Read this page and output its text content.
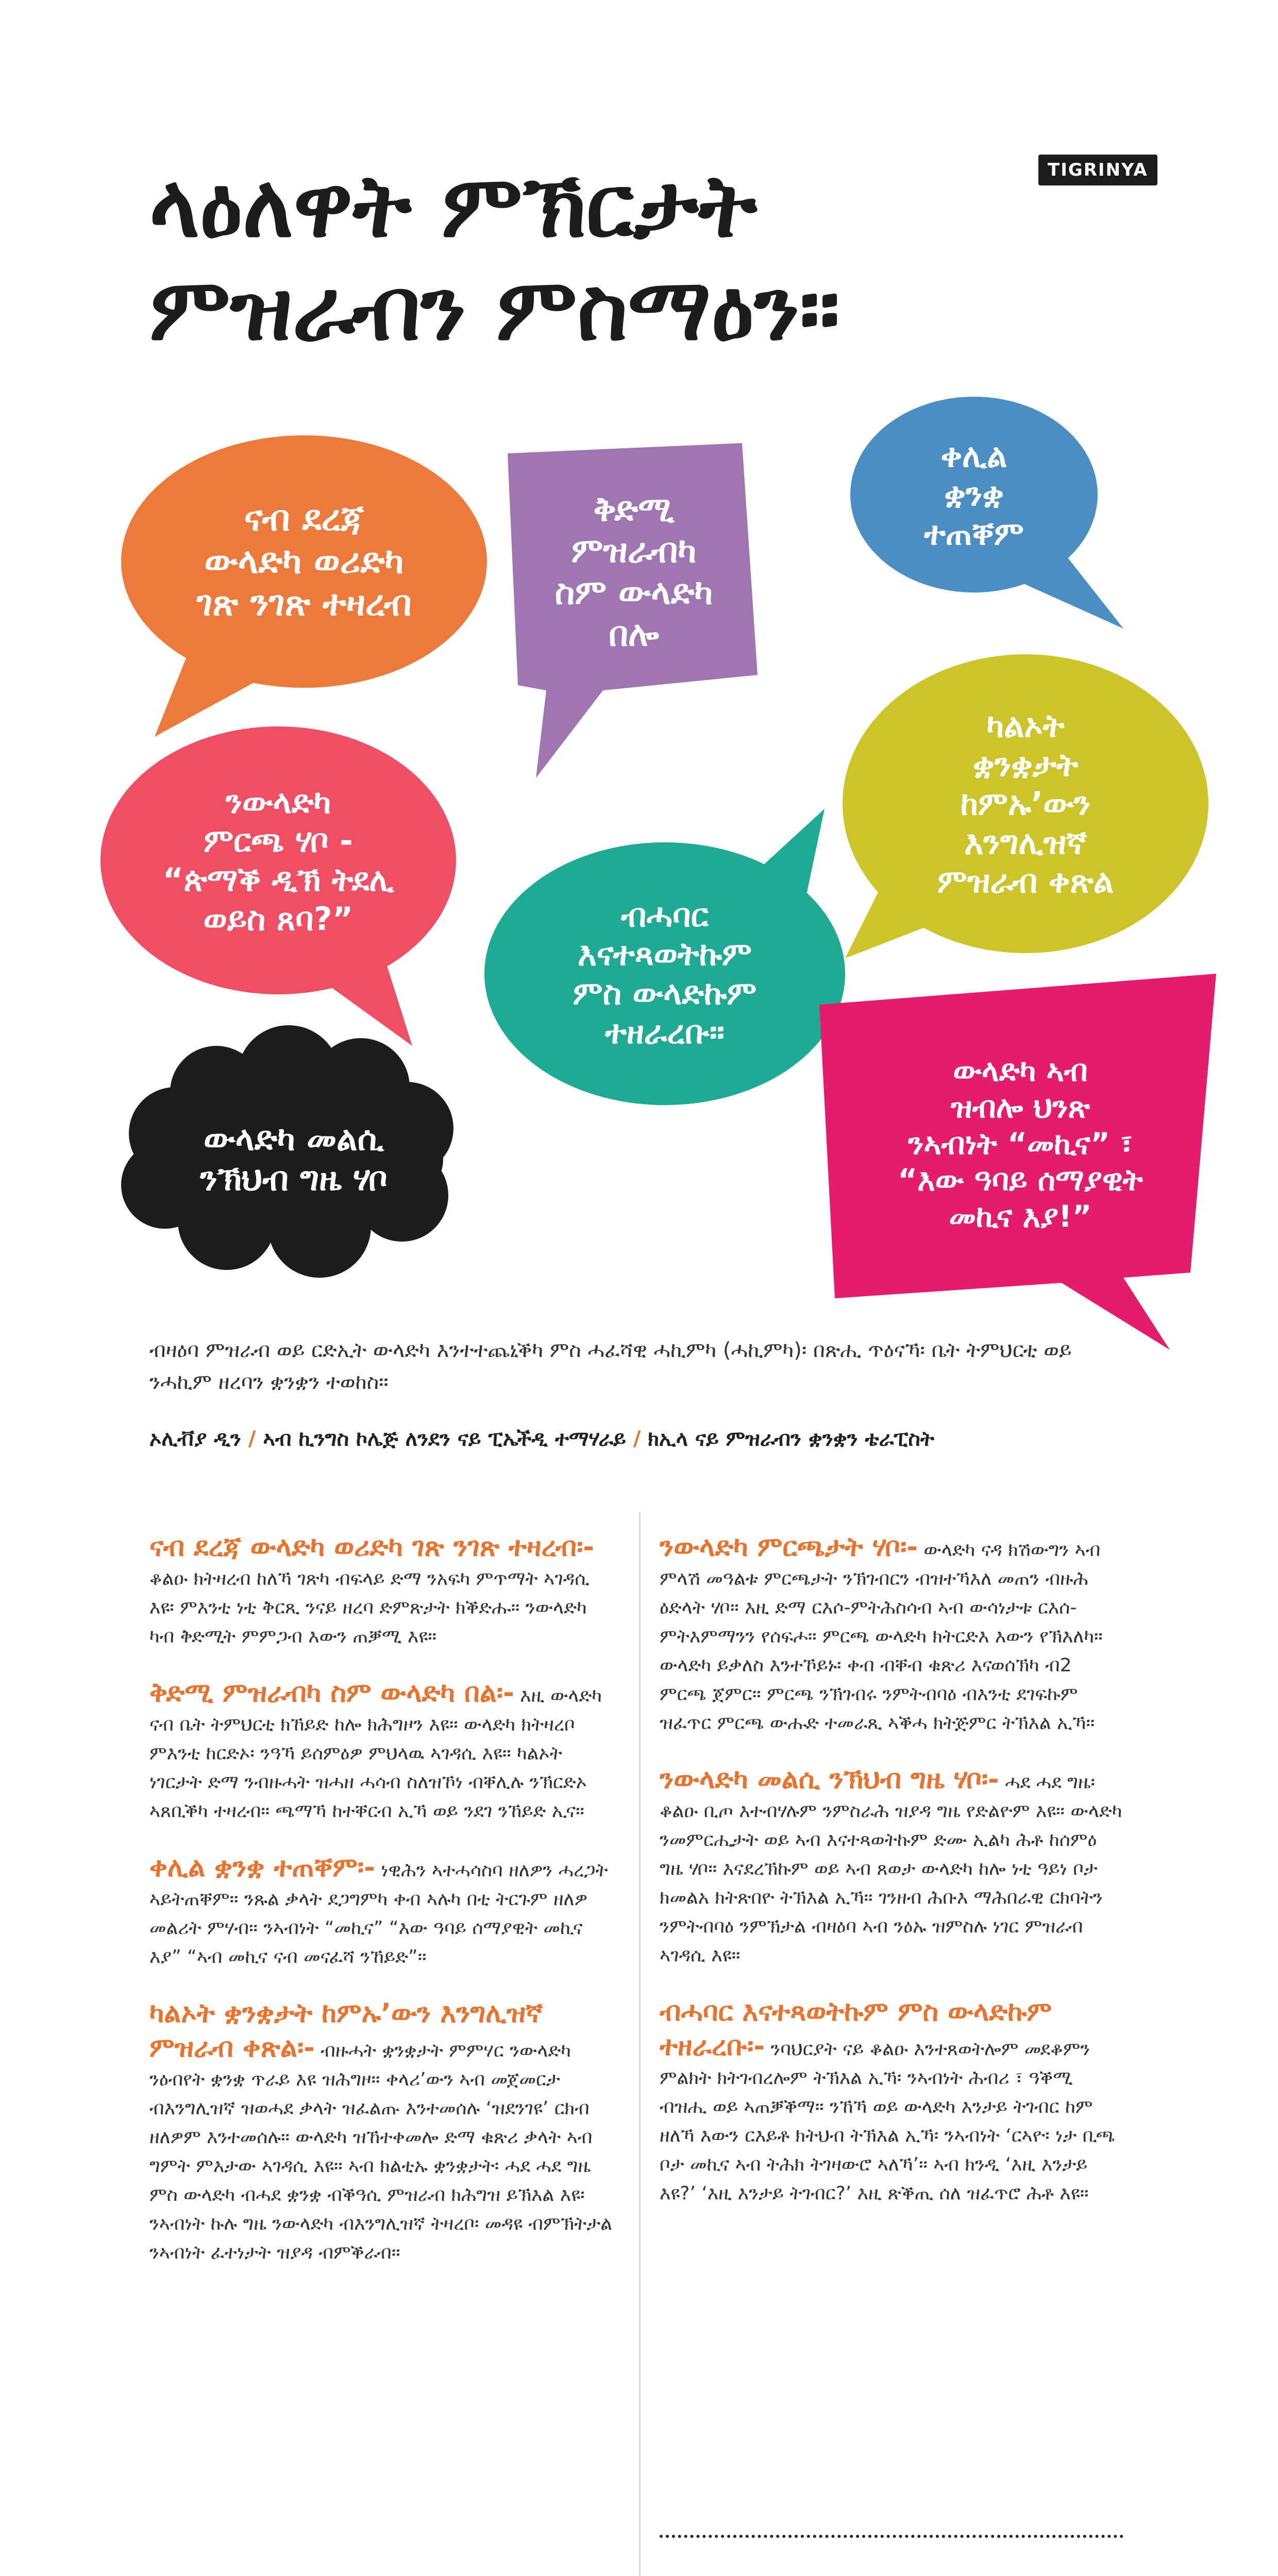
ላዕለዋት ምኽርታት
ምዝራብን ምስማዕን።
TIGRINYA
ናብ ደረጃ
ውላድካ ወሪድካ
ገጽ ንገጽ ተዛረብ
ቅድሚ
ምዝራብካ
ስም ውላድካ
በሎ
ቀሊል
ቋንቋ
ተጠቐም
ንውላድካ
ምርጫ ሃቦ -
“ጵማቕ ዲኽ ትደሊ
ወይስ ጸባ?”	ብሓባር
እናተጻወትኩም
ምስ ውላድኩም
ተዘራረቡ።
ካልኦት
ቋንቋታት
ከምኡ’ውን
እንግሊዝኛ
ምዝራብ ቀጽል
ውላድካ መልሲ
ንኽህብ ግዜ ሃቦ
ውላድካ ኣብ
ዝብሎ ህንጽ
ንኣብነት “መኪና” ፣
“እው ዓባይ ሰማያዊት
መኪና እያ!”

ብዛዕባ ምዝራብ ወይ ርድኢት ውላድካ እንተተጨኒቕካ ምስ ሓፈሻዊ ሓኪምካ (ሓኪምካ)፡ በጽሒ ጥዕናኻ፡ ቤት ትምህርቲ ወይ ንሓኪም ዘረባን ቋንቋን ተወከስ።

ኦሊቭያ ዲን / ኣብ ኪንግስ ኮሌጅ ለንደን ናይ ፒኤችዲ ተማሃራይ / ክኢላ ናይ ምዝራብን ቋንቋን ቴራፒስት
ናብ ደረጃ ውላድካ ወሪድካ ገጽ ንገጽ ተዛረብ፡- ቆልዑ ክትዛረብ ከለኻ ገጽካ ብፍላይ ድማ ንአፍካ ምጥማት ኣገዳሲ እዩ፡ ምእንቲ ነቲ ቅርጺ ንናይ ዘረባ ድምጽታት ክቕድሑ። ንውላድካ ካብ ቅድሚት ምምጋብ እውን ጠቓሚ እዩ።
ቅድሚ ምዝራብካ ስም ውላድካ በል፡- እዚ ውላድካ ናብ ቤት ትምህርቲ ክኸይድ ከሎ ክሕግዞን እዩ። ውላድካ ክትዛረቦ ምእንቲ ከርድኦ፡ ንዓኻ ይሰምዕዎ ምህላዉ ኣገዳሲ እዩ። ካልኦት ነገርታት ድማ ንብዙሓት ዝሓዘ ሓሳብ ስለዝኾነ ብቐሊሉ ንኽርድኦ ኣጸቢቕካ ተዛረብ። ጫማኻ ከተቐርብ ኢኻ ወይ ንደገ ንኸይድ ኢና።
ቀሊል ቋንቋ ተጠቐም፡- ነዊሕን ኣተሓሳስባ ዘለዎን ሓረጋት ኣይትጠቐም። ንጹል ቃላት ደጋግምካ ቀብ ኣሉካ በቲ ትርጉም ዘለዎ መልሪት ምሃብ። ንኣብነት “መኪና” “እው ዓባይ ሰማያዊት መኪና እያ” “ኣብ መኪና ናብ መናፈሻ ንኸይድ”።
ካልኦት ቋንቋታት ከምኡ’ውን እንግሊዝኛ ምዝራብ ቀጽል፡- ብዙሓት ቋንቋታት ምምሃር ንውላድካ ንዕብየት ቋንቋ ጥራይ እዩ ዝሕግዞ። ቀላሪ’ውን ኣብ መጀመርታ ብእንግሊዝኛ ዝወሓደ ቃላት ዝፈልጡ እንተመሰሉ ‘ዝደንገዩ’ ርክብ ዘለዎም እንተመሰሉ። ውላድካ ዝኸተቀመሎ ድማ ቁጽሪ ቃላት ኣብ ግምት ምእታው ኣገዳሲ እዩ። ኣብ ክልቲኡ ቋንቋታት፡ ሓደ ሓደ ግዜ ምስ ውላድካ ብሓደ ቋንቋ ብቕዓሲ ምዝራብ ክሕግዝ ይኽእል እዩ፡ ንኣብነት ኩሉ ግዜ ንውላድካ ብእንግሊዝኛ ትዛረቦ፡ መዳዩ ብምኽትታል ንኣብነት ፈተነታት ዝያዳ ብምቕራብ።
ንውላድካ ምርጫታት ሃቦ፡- ውላድካ ናዳ ክሽውግን ኣብ ምላሽ መዓልቱ ምርጫታት ንኽገብርን ብዝተኻእለ መጠን ብዙሕ ዕድላት ሃቦ። እዚ ድማ ርእሶ-ምትሕስሳብ ኣብ ውሳነታቱ ርእሰ-ምትእምማንን የሰፍሖ። ምርጫ ውላድካ ክትርድእ እውን የኽእለካ። ውላድካ ይቃለስ እንተኾይኑ፡ ቀብ ብቐብ ቁጽሪ እናወሰኽካ ብ2 ምርጫ ጀምር። ምርጫ ንኽገብሩ ንምትብባዕ ብእንቲ ደገፍኩም ዝፈጥር ምርጫ ውሑድ ተመራጺ ኣቕሓ ክትጅምር ትኽእል ኢኻ።
ንውላድካ መልሲ ንኽህብ ግዜ ሃቦ፡- ሓደ ሓደ ግዜ፡ ቆልዑ ቢጦ እተብሃሉም ንምስራሕ ዝያዳ ግዜ የድልዮም እዩ። ውላድካ ንመምርሒታት ወይ ኣብ እናተጻወትኩም ድሙ ኢልካ ሕቶ ከሰምዕ ግዜ ሃቦ። እናደረኽኩም ወይ ኣብ ጸወታ ውላድካ ከሎ ነቲ ዓይነ ቦታ ክመልአ ክትጽበዮ ትኽእል ኢኻ። ገንዘብ ሕቡእ ማሕበራዊ ርክባትን ንምትብባዕ ንምኽታል ብዛዕባ ኣብ ንዕኡ ዝምስሉ ነገር ምዝራብ ኣገዳሲ እዩ።
ብሓባር እናተጻወትኩም ምስ ውላድኩም ተዘራረቡ፡- ንባህርያት ናይ ቆልዑ እንተጸወትሎም መደቆምን ምልክት ክትገብረሎም ትኽእል ኢኻ፡ ንኣብነት ሕብሪ ፣ ዓቕሚ ብዝሒ ወይ ኣጠቓቕማ። ንኸኻ ወይ ውላድካ እንታይ ትገብር ከም ዘለኻ እውን ርእይቶ ክትህብ ትኽእል ኢኻ፡ ንኣብነት ‘ርኣዮ፡ ነታ ቢጫ ቦታ መኪና ኣብ ትሕክ ትገዛውሮ ኣለኻ’። ኣብ ክንዲ ‘እዚ እንታይ እዩ?’ ‘እዚ እንታይ ትገብር?’ እዚ ጽቕጢ ሰለ ዝፈጥሮ ሕቶ እዩ።
